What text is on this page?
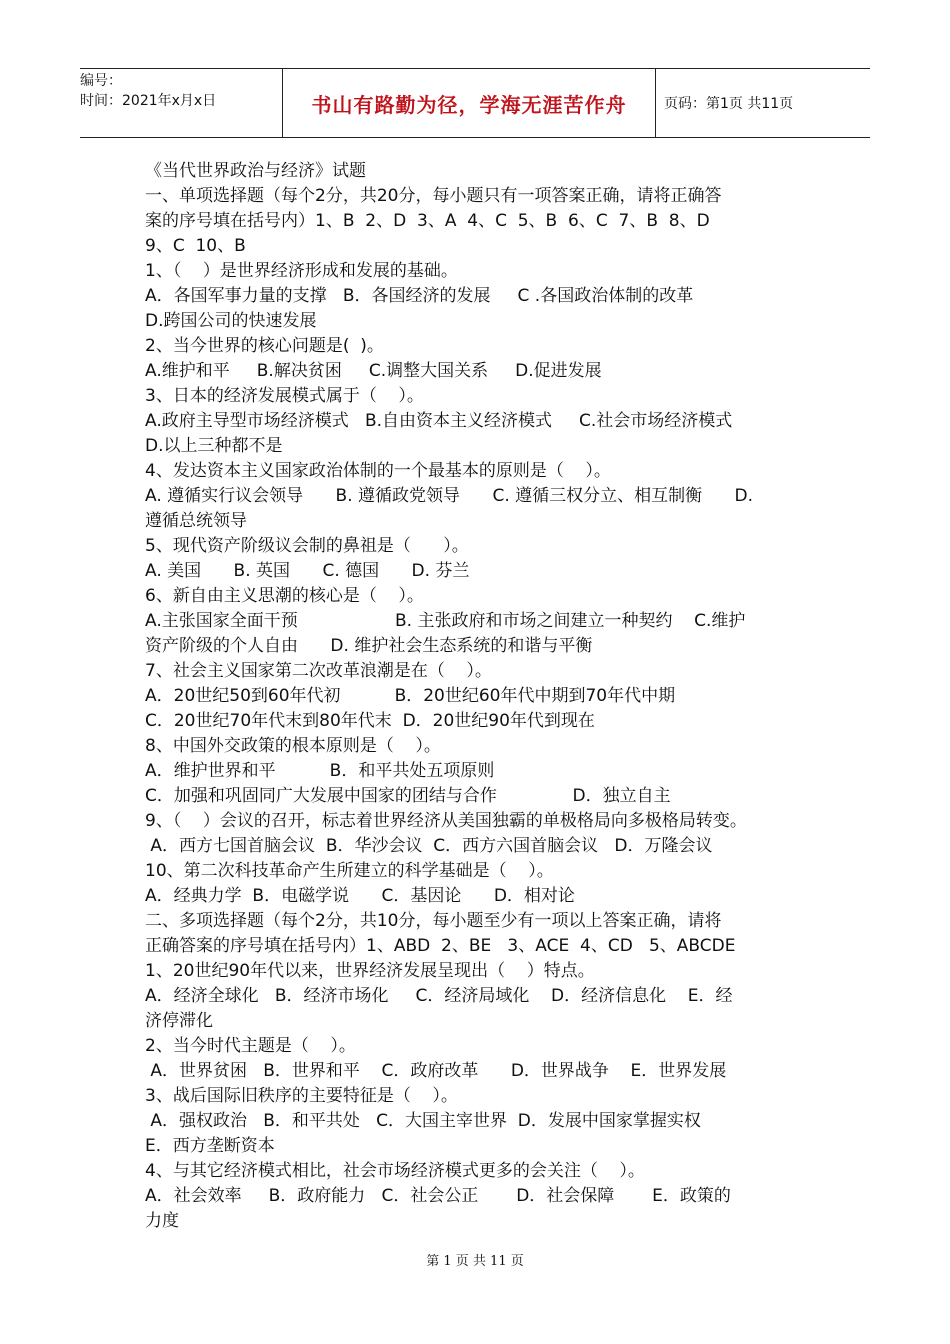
编号：
时间：2021年x月x日	书山有路勤为径，学海无涯苦作舟	页码：第1页 共11页
《当代世界政治与经济》试题
一、单项选择题（每个2分，共20分，每小题只有一项答案正确，请将正确答
案的序号填在括号内）1、B  2、D  3、A  4、C  5、B  6、C  7、B  8、D
9、C  10、B
1、（    ）是世界经济形成和发展的基础。
A．各国军事力量的支撑   B．各国经济的发展     C .各国政治体制的改革
D.跨国公司的快速发展
2、当今世界的核心问题是(  )。
A.维护和平     B.解决贫困     C.调整大国关系     D.促进发展
3、日本的经济发展模式属于（    ）。
A.政府主导型市场经济模式   B.自由资本主义经济模式     C.社会市场经济模式
D.以上三种都不是
4、发达资本主义国家政治体制的一个最基本的原则是（    ）。
A. 遵循实行议会领导      B. 遵循政党领导      C. 遵循三权分立、相互制衡      D.
遵循总统领导
5、现代资产阶级议会制的鼻祖是（      ）。
A. 美国      B. 英国      C. 德国      D. 芬兰
6、新自由主义思潮的核心是（    ）。
A.主张国家全面干预                  B. 主张政府和市场之间建立一种契约    C.维护
资产阶级的个人自由      D. 维护社会生态系统的和谐与平衡
7、社会主义国家第二次改革浪潮是在（    ）。
A．20世纪50到60年代初          B．20世纪60年代中期到70年代中期
C．20世纪70年代末到80年代末  D．20世纪90年代到现在
8、中国外交政策的根本原则是（    ）。
A．维护世界和平          B．和平共处五项原则
C．加强和巩固同广大发展中国家的团结与合作              D．独立自主
9、（    ）会议的召开，标志着世界经济从美国独霸的单极格局向多极格局转变。
A．西方七国首脑会议  B．华沙会议  C．西方六国首脑会议   D．万隆会议
10、第二次科技革命产生所建立的科学基础是（    ）。
A．经典力学  B．电磁学说      C．基因论      D．相对论
二、多项选择题（每个2分，共10分，每小题至少有一项以上答案正确，请将
正确答案的序号填在括号内）1、ABD  2、BE   3、ACE  4、CD   5、ABCDE
1、20世纪90年代以来，世界经济发展呈现出（    ）特点。
A．经济全球化   B．经济市场化     C．经济局域化    D．经济信息化    E．经
济停滞化
2、当今时代主题是（    ）。
A．世界贫困   B．世界和平    C．政府改革      D．世界战争    E．世界发展
3、战后国际旧秩序的主要特征是（    ）。
A．强权政治   B．和平共处   C．大国主宰世界  D．发展中国家掌握实权
E．西方垄断资本
4、与其它经济模式相比，社会市场经济模式更多的会关注（    ）。
A．社会效率     B．政府能力   C．社会公正       D．社会保障       E．政策的
力度
第 1 页 共 11 页
